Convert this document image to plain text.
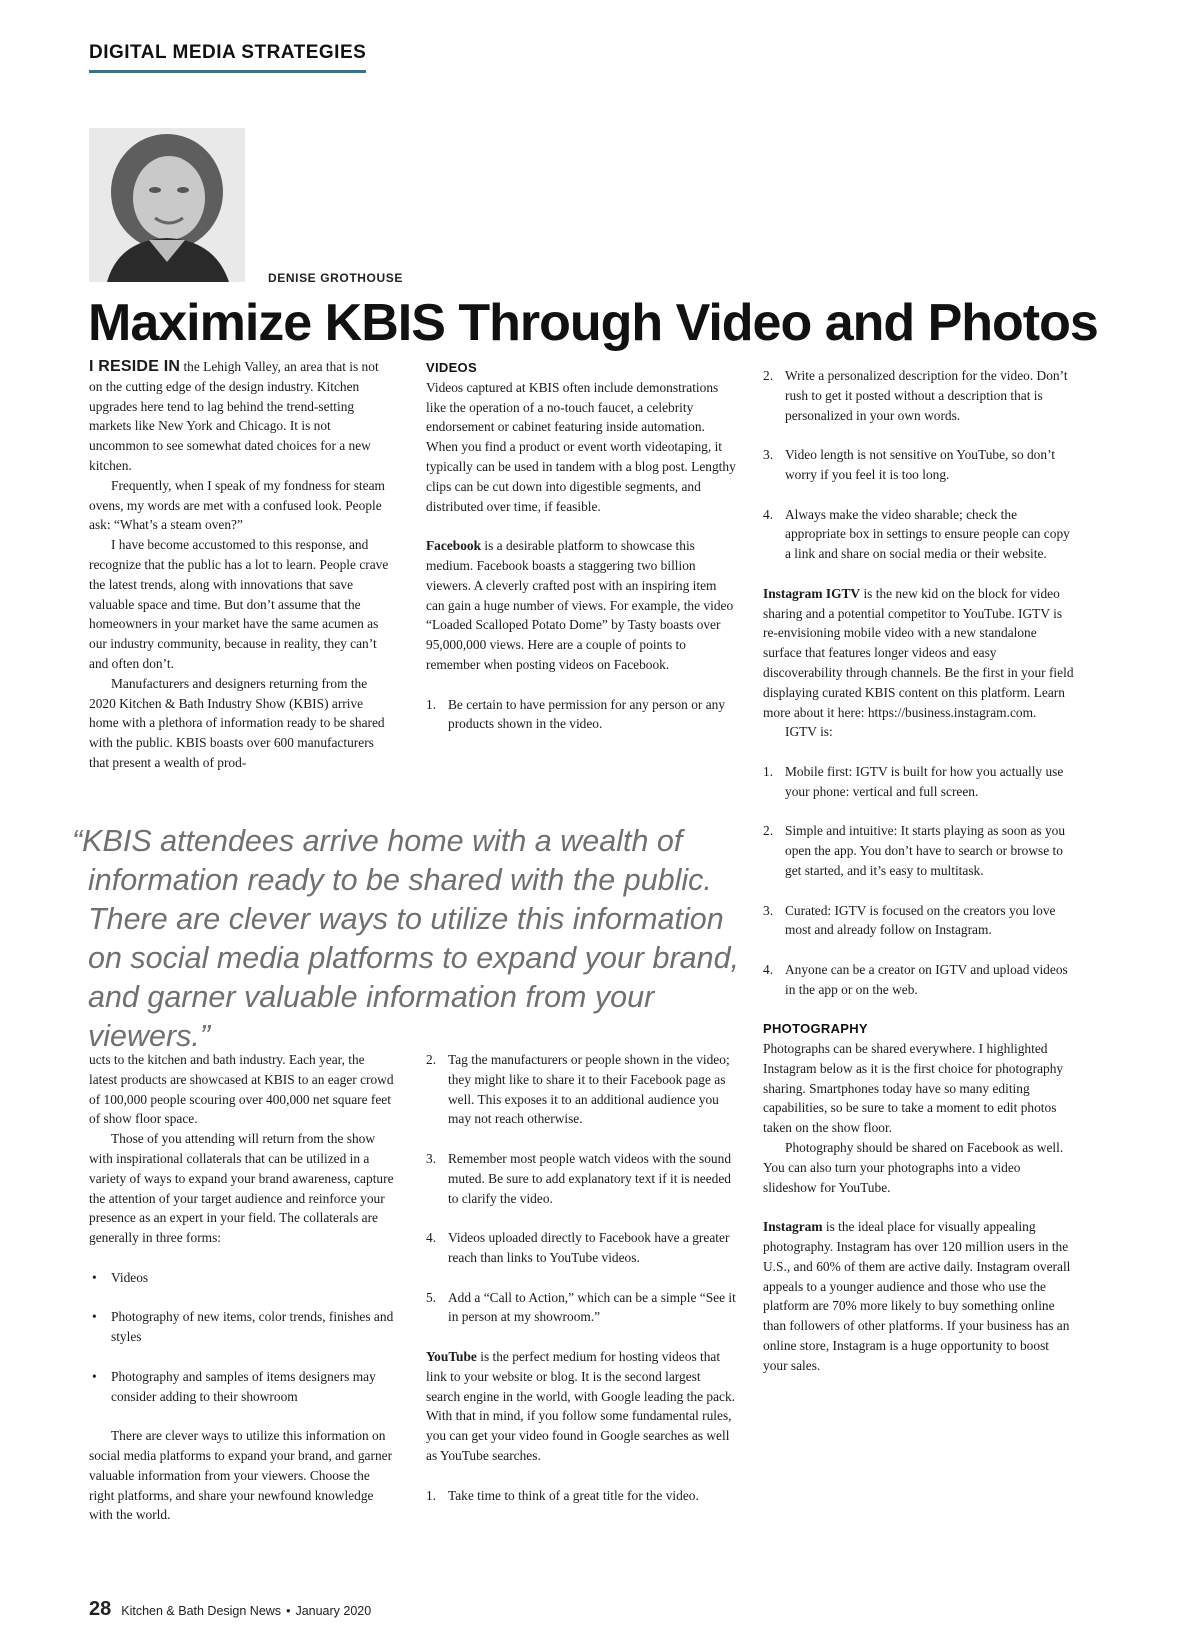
DIGITAL MEDIA STRATEGIES
DENISE GROTHOUSE
Maximize KBIS Through Video and Photos

I RESIDE IN the Lehigh Valley, an area that is not on the cutting edge of the design industry. Kitchen upgrades here tend to lag behind the trend-setting markets like New York and Chicago. It is not uncommon to see somewhat dated choices for a new kitchen.

Frequently, when I speak of my fondness for steam ovens, my words are met with a confused look. People ask: “What’s a steam oven?”

I have become accustomed to this response, and recognize that the public has a lot to learn. People crave the latest trends, along with innovations that save valuable space and time. But don’t assume that the homeowners in your market have the same acumen as our industry community, because in reality, they can’t and often don’t.

Manufacturers and designers returning from the 2020 Kitchen & Bath Industry Show (KBIS) arrive home with a plethora of information ready to be shared with the public. KBIS boasts over 600 manufacturers that present a wealth of prod-

VIDEOS

Videos captured at KBIS often include demonstrations like the operation of a no-touch faucet, a celebrity endorsement or cabinet featuring inside automation. When you find a product or event worth videotaping, it typically can be used in tandem with a blog post. Lengthy clips can be cut down into digestible segments, and distributed over time, if feasible.

Facebook is a desirable platform to showcase this medium. Facebook boasts a staggering two billion viewers. A cleverly crafted post with an inspiring item can gain a huge number of views. For example, the video “Loaded Scalloped Potato Dome” by Tasty boasts over 95,000,000 views. Here are a couple of points to remember when posting videos on Facebook.

1. Be certain to have permission for any person or any products shown in the video.
2. Write a personalized description for the video. Don’t rush to get it posted without a description that is personalized in your own words.
3. Video length is not sensitive on YouTube, so don’t worry if you feel it is too long.
4. Always make the video sharable; check the appropriate box in settings to ensure people can copy a link and share on social media or their website.

Instagram IGTV is the new kid on the block for video sharing and a potential competitor to YouTube. IGTV is re-envisioning mobile video with a new standalone surface that features longer videos and easy discoverability through channels. Be the first in your field displaying curated KBIS content on this platform. Learn more about it here: https://business.instagram.com.

IGTV is:

1. Mobile first: IGTV is built for how you actually use your phone: vertical and full screen.
2. Simple and intuitive: It starts playing as soon as you open the app. You don’t have to search or browse to get started, and it’s easy to multitask.
3. Curated: IGTV is focused on the creators you love most and already follow on Instagram.
4. Anyone can be a creator on IGTV and upload videos in the app or on the web.
PHOTOGRAPHY

Photographs can be shared everywhere. I highlighted Instagram below as it is the first choice for photography sharing. Smartphones today have so many editing capabilities, so be sure to take a moment to edit photos taken on the show floor.

Photography should be shared on Facebook as well. You can also turn your photographs into a video slideshow for YouTube.

Instagram is the ideal place for visually appealing photography. Instagram has over 120 million users in the U.S., and 60% of them are active daily. Instagram overall appeals to a younger audience and those who use the platform are 70% more likely to buy something online than followers of other platforms. If your business has an online store, Instagram is a huge opportunity to boost your sales.

“KBIS attendees arrive home with a wealth of information ready to be shared with the public. There are clever ways to utilize this information on social media platforms to expand your brand, and garner valuable information from your viewers.”

ucts to the kitchen and bath industry. Each year, the latest products are showcased at KBIS to an eager crowd of 100,000 people scouring over 400,000 net square feet of show floor space.

Those of you attending will return from the show with inspirational collaterals that can be utilized in a variety of ways to expand your brand awareness, capture the attention of your target audience and reinforce your presence as an expert in your field. The collaterals are generally in three forms:

• Videos
• Photography of new items, color trends, finishes and styles
• Photography and samples of items designers may consider adding to their showroom

There are clever ways to utilize this information on social media platforms to expand your brand, and garner valuable information from your viewers. Choose the right platforms, and share your newfound knowledge with the world.

2. Tag the manufacturers or people shown in the video; they might like to share it to their Facebook page as well. This exposes it to an additional audience you may not reach otherwise.
3. Remember most people watch videos with the sound muted. Be sure to add explanatory text if it is needed to clarify the video.
4. Videos uploaded directly to Facebook have a greater reach than links to YouTube videos.
5. Add a “Call to Action,” which can be a simple “See it in person at my showroom.”

YouTube is the perfect medium for hosting videos that link to your website or blog. It is the second largest search engine in the world, with Google leading the pack. With that in mind, if you follow some fundamental rules, you can get your video found in Google searches as well as YouTube searches.

1. Take time to think of a great title for the video.
28 Kitchen & Bath Design News • January 2020
